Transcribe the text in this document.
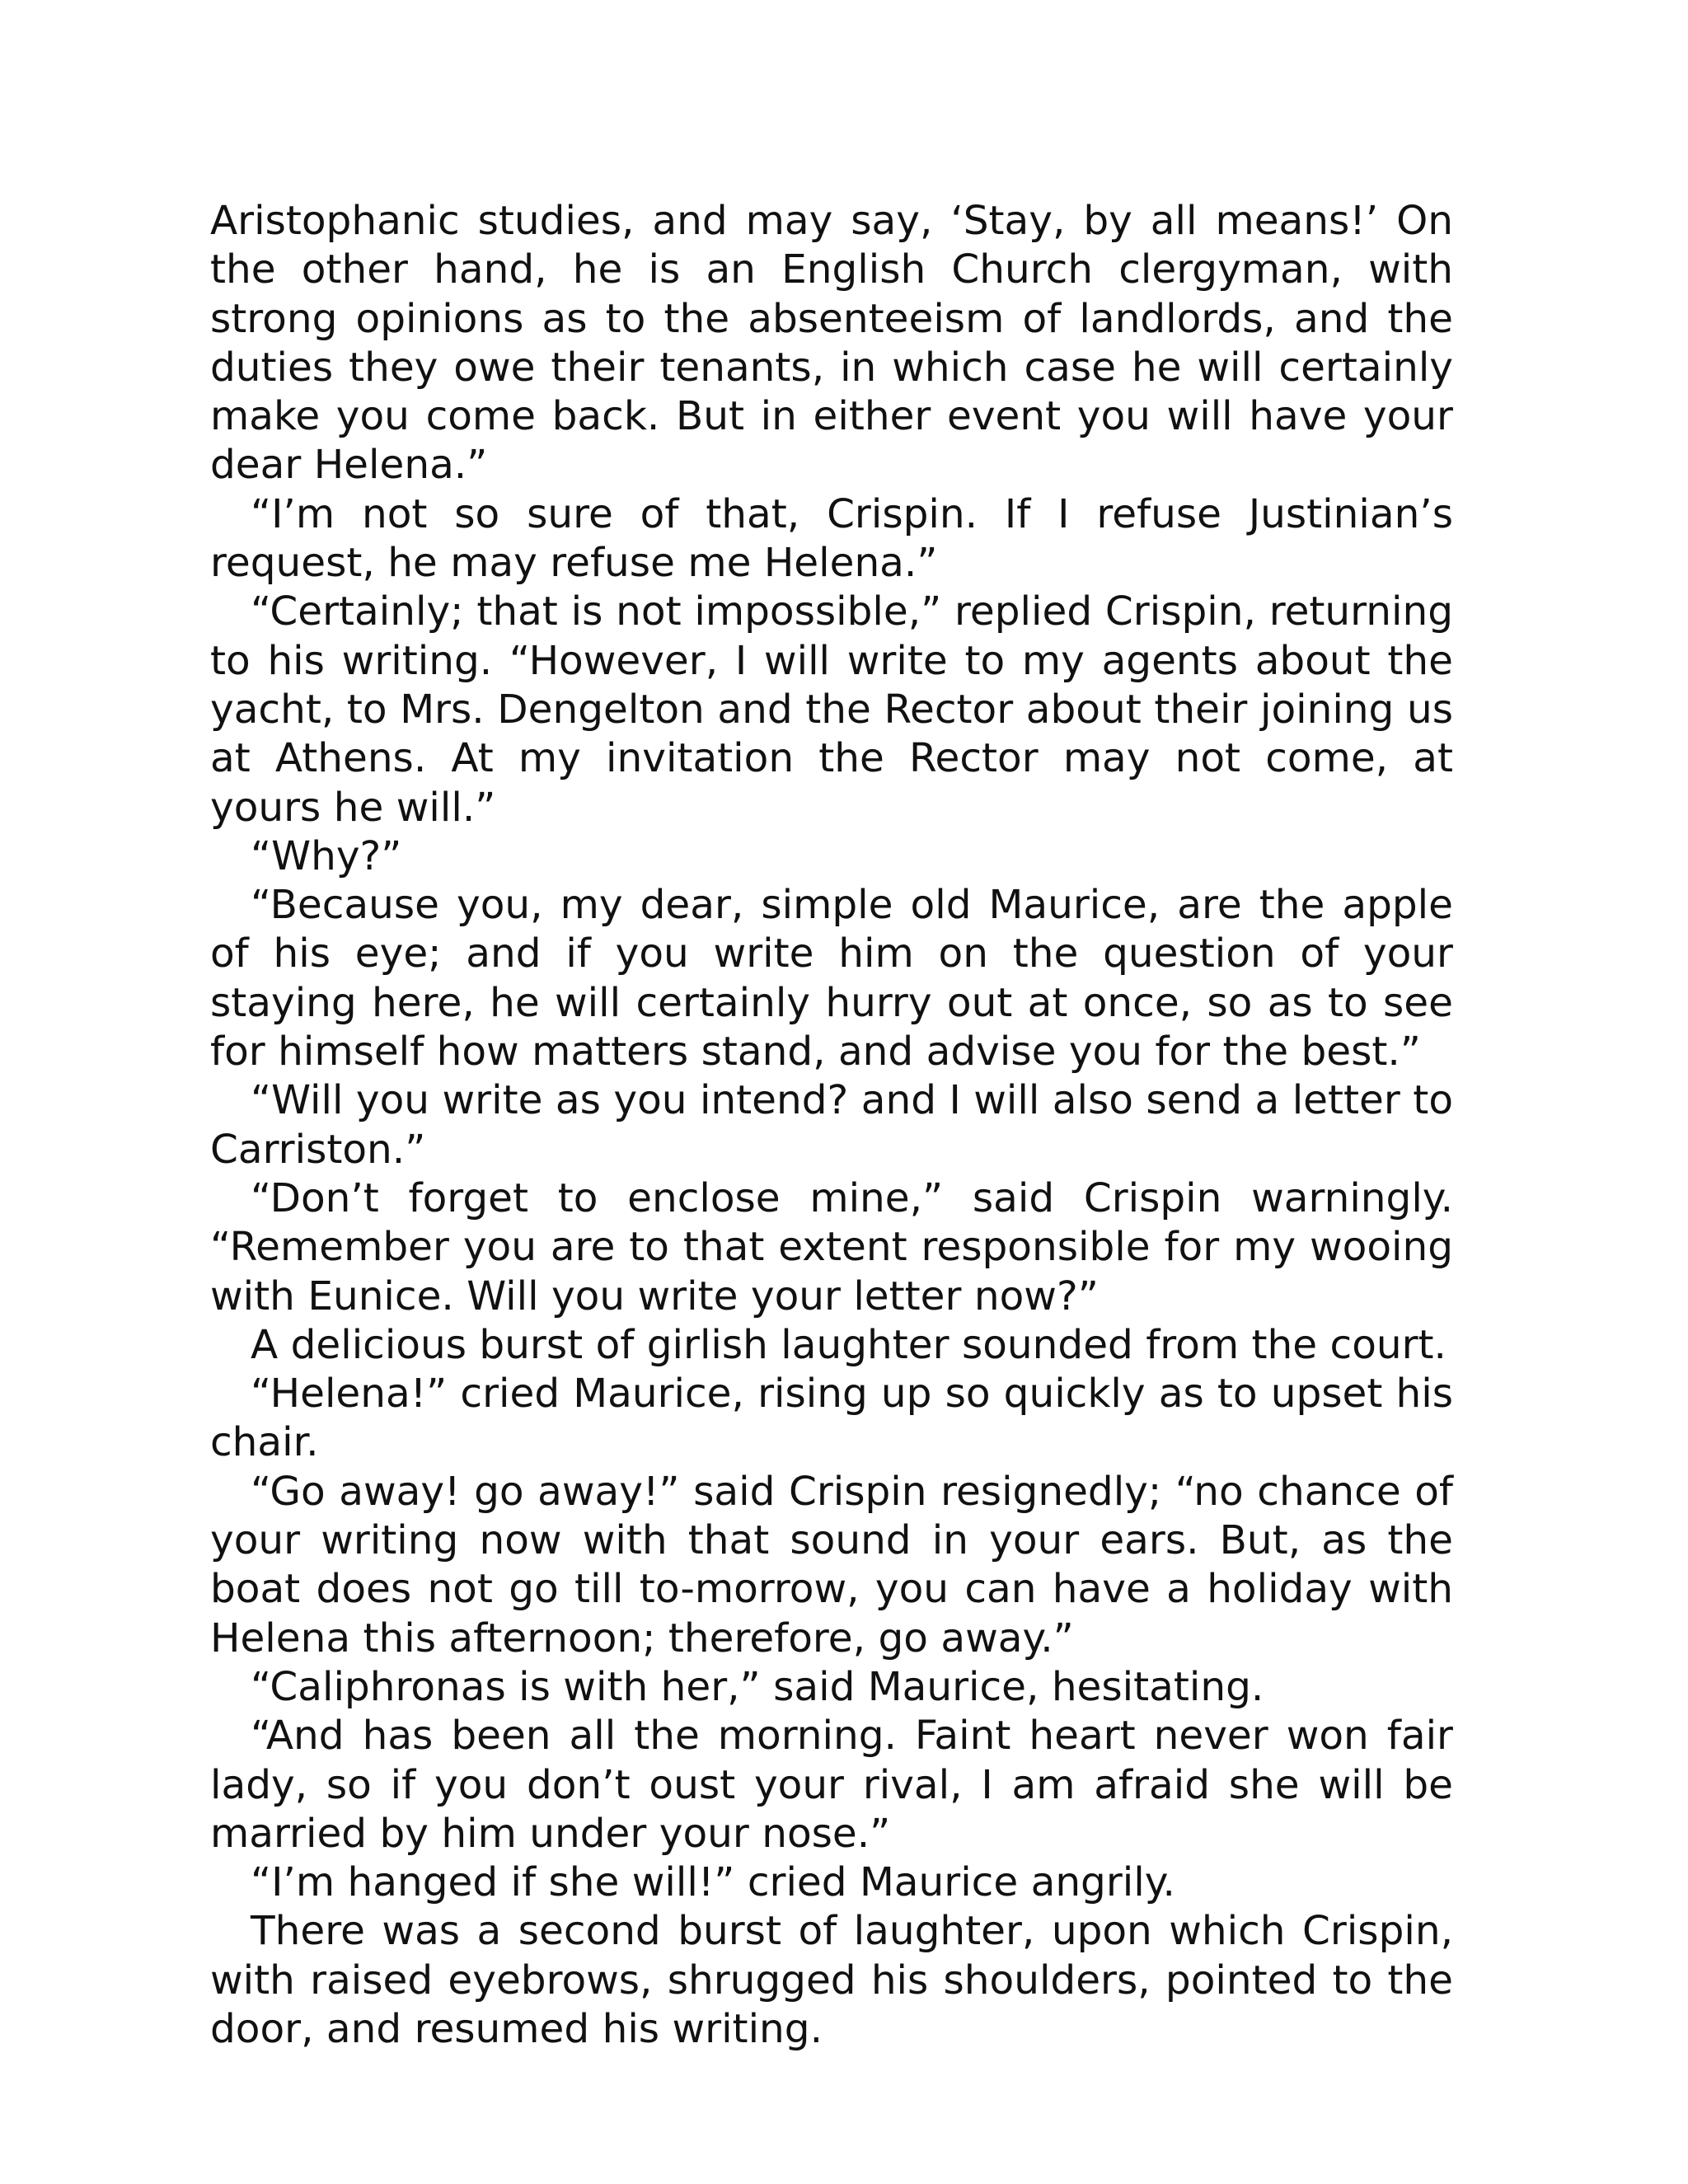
Aristophanic studies, and may say, ‘Stay, by all means!’ On the other hand, he is an English Church clergyman, with strong opinions as to the absenteeism of landlords, and the duties they owe their tenants, in which case he will certainly make you come back. But in either event you will have your dear Helena.”

“I’m not so sure of that, Crispin. If I refuse Justinian’s request, he may refuse me Helena.”

“Certainly; that is not impossible,” replied Crispin, returning to his writing. “However, I will write to my agents about the yacht, to Mrs. Dengelton and the Rector about their joining us at Athens. At my invitation the Rector may not come, at yours he will.”

“Why?”

“Because you, my dear, simple old Maurice, are the apple of his eye; and if you write him on the question of your staying here, he will certainly hurry out at once, so as to see for himself how matters stand, and advise you for the best.”

“Will you write as you intend? and I will also send a letter to Carriston.”

“Don’t forget to enclose mine,” said Crispin warningly. “Remember you are to that extent responsible for my wooing with Eunice. Will you write your letter now?”

A delicious burst of girlish laughter sounded from the court.

“Helena!” cried Maurice, rising up so quickly as to upset his chair.

“Go away! go away!” said Crispin resignedly; “no chance of your writing now with that sound in your ears. But, as the boat does not go till to-morrow, you can have a holiday with Helena this afternoon; therefore, go away.”

“Caliphronas is with her,” said Maurice, hesitating.

“And has been all the morning. Faint heart never won fair lady, so if you don’t oust your rival, I am afraid she will be married by him under your nose.”

“I’m hanged if she will!” cried Maurice angrily.

There was a second burst of laughter, upon which Crispin, with raised eyebrows, shrugged his shoulders, pointed to the door, and resumed his writing.
